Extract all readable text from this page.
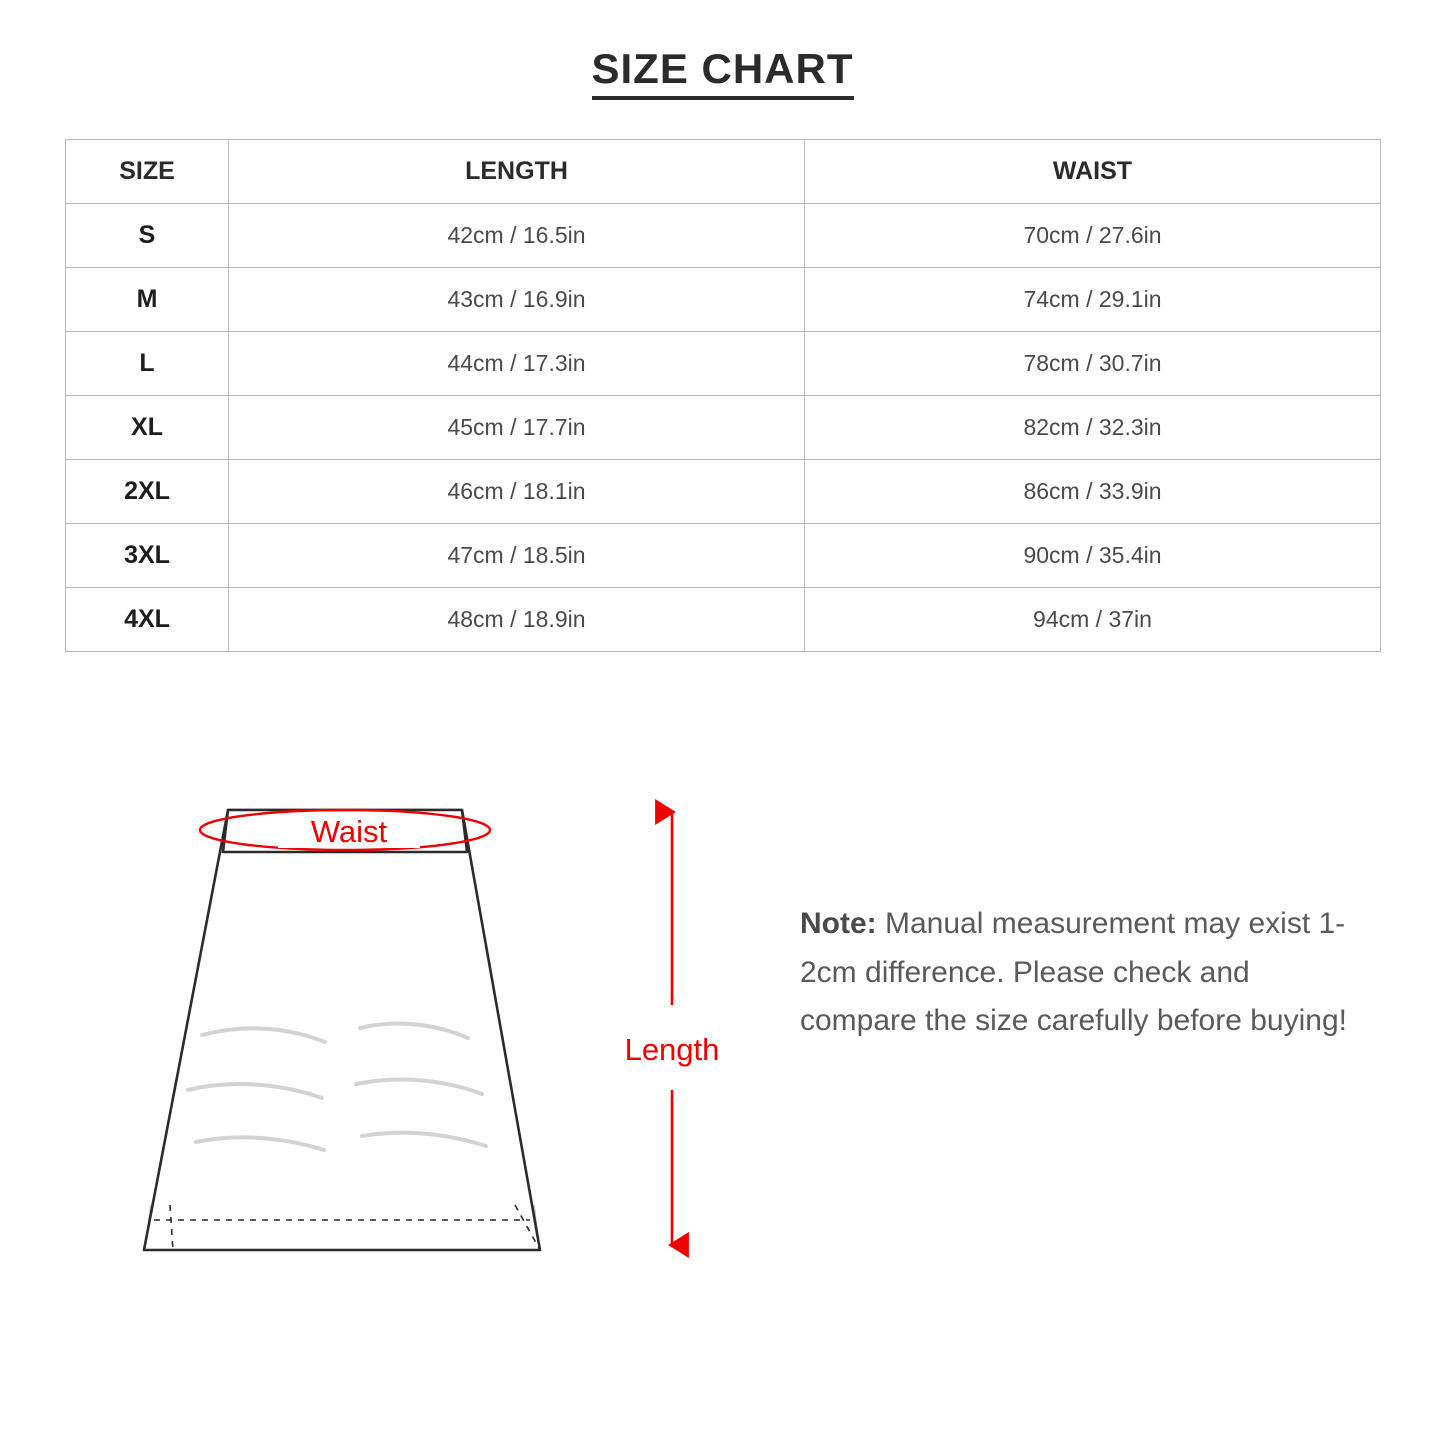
SIZE CHART
SIZE	LENGTH	WAIST
S	42cm / 16.5in	70cm / 27.6in
M	43cm / 16.9in	74cm / 29.1in
L	44cm / 17.3in	78cm / 30.7in
XL	45cm / 17.7in	82cm / 32.3in
2XL	46cm / 18.1in	86cm / 33.9in
3XL	47cm / 18.5in	90cm / 35.4in
4XL	48cm / 18.9in	94cm / 37in
Waist
Length
Note: Manual measurement may exist 1-2cm difference. Please check and compare the size carefully before buying!
